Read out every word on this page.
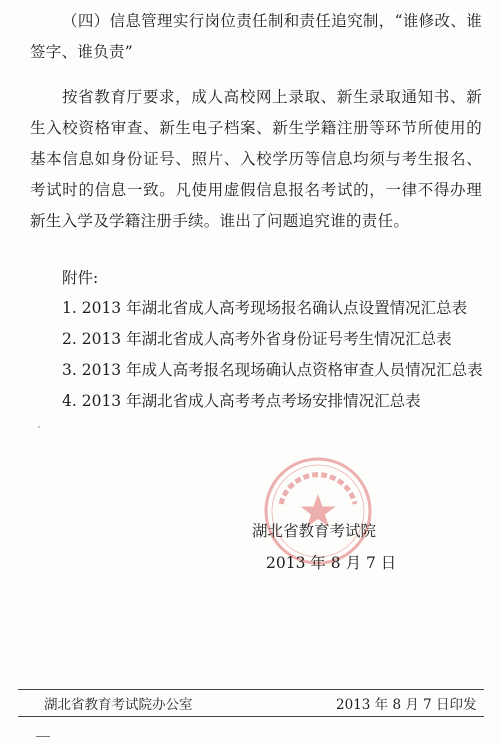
（四）信息管理实行岗位责任制和责任追究制，“谁修改、谁签字、谁负责”

按省教育厅要求，成人高校网上录取、新生录取通知书、新生入校资格审查、新生电子档案、新生学籍注册等环节所使用的基本信息如身份证号、照片、入校学历等信息均须与考生报名、考试时的信息一致。凡使用虚假信息报名考试的，一律不得办理新生入学及学籍注册手续。谁出了问题追究谁的责任。

附件:

1. 2013 年湖北省成人高考现场报名确认点设置情况汇总表
2. 2013 年湖北省成人高考外省身份证号考生情况汇总表
3. 2013 年成人高考报名现场确认点资格审查人员情况汇总表
4. 2013 年湖北省成人高考考点考场安排情况汇总表

湖北省教育考试院

2013 年 8 月 7 日

湖北省教育考试院办公室	2013 年 8 月 7 日印发
